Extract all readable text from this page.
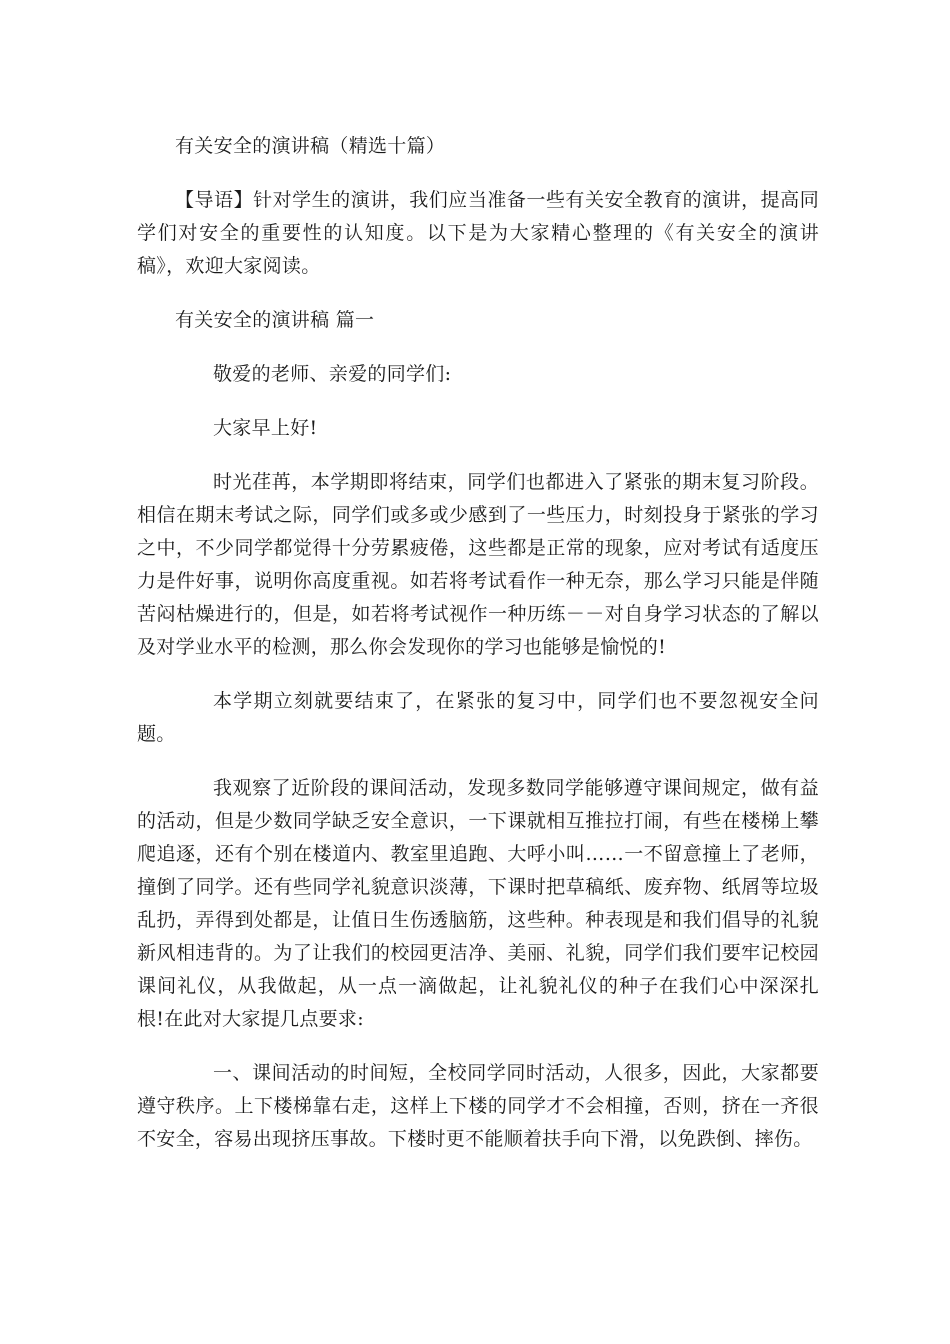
有关安全的演讲稿（精选十篇）

【导语】针对学生的演讲，我们应当准备一些有关安全教育的演讲，提高同学们对安全的重要性的认知度。以下是为大家精心整理的《有关安全的演讲稿》，欢迎大家阅读。

有关安全的演讲稿 篇一

敬爱的老师、亲爱的同学们:

大家早上好!

时光荏苒，本学期即将结束，同学们也都进入了紧张的期末复习阶段。相信在期末考试之际，同学们或多或少感到了一些压力，时刻投身于紧张的学习之中，不少同学都觉得十分劳累疲倦，这些都是正常的现象，应对考试有适度压力是件好事，说明你高度重视。如若将考试看作一种无奈，那么学习只能是伴随苦闷枯燥进行的，但是，如若将考试视作一种历练－－对自身学习状态的了解以及对学业水平的检测，那么你会发现你的学习也能够是愉悦的!

本学期立刻就要结束了，在紧张的复习中，同学们也不要忽视安全问题。

我观察了近阶段的课间活动，发现多数同学能够遵守课间规定，做有益的活动，但是少数同学缺乏安全意识，一下课就相互推拉打闹，有些在楼梯上攀爬追逐，还有个别在楼道内、教室里追跑、大呼小叫……一不留意撞上了老师，撞倒了同学。还有些同学礼貌意识淡薄，下课时把草稿纸、废弃物、纸屑等垃圾乱扔，弄得到处都是，让值日生伤透脑筋，这些种。种表现是和我们倡导的礼貌新风相违背的。为了让我们的校园更洁净、美丽、礼貌，同学们我们要牢记校园课间礼仪，从我做起，从一点一滴做起，让礼貌礼仪的种子在我们心中深深扎根!在此对大家提几点要求:

一、课间活动的时间短，全校同学同时活动，人很多，因此，大家都要遵守秩序。上下楼梯靠右走，这样上下楼的同学才不会相撞，否则，挤在一齐很不安全，容易出现挤压事故。下楼时更不能顺着扶手向下滑，以免跌倒、摔伤。
